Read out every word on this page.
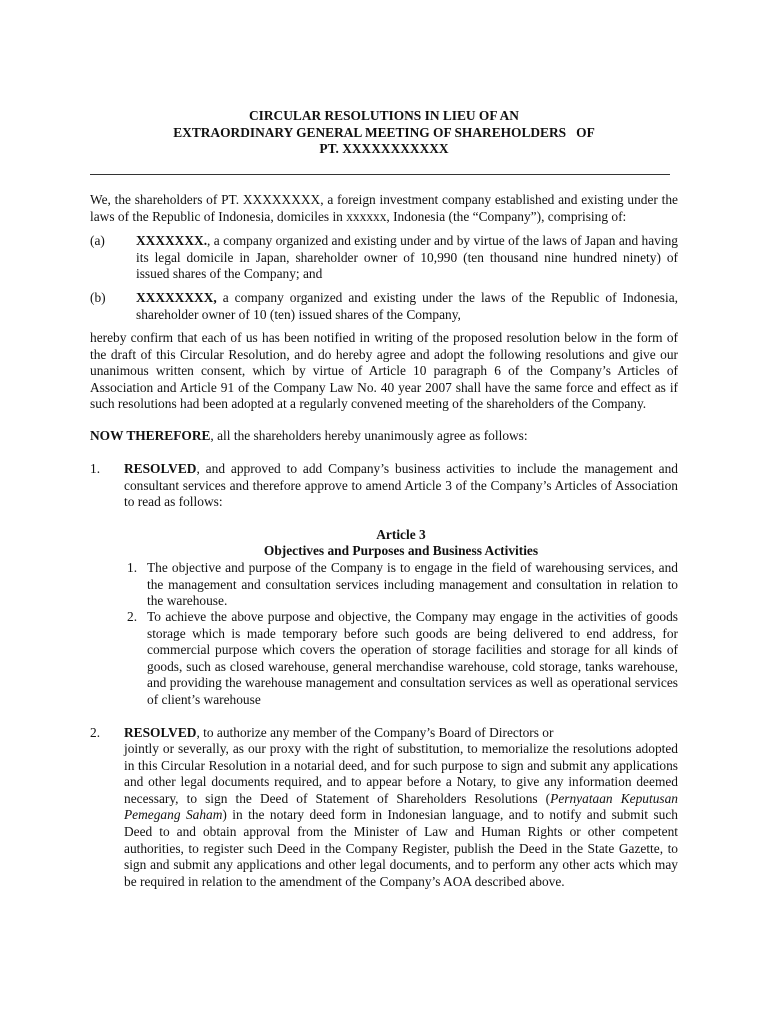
CIRCULAR RESOLUTIONS IN LIEU OF AN
EXTRAORDINARY GENERAL MEETING OF SHAREHOLDERS   OF
PT. XXXXXXXXXXX
We, the shareholders of PT. XXXXXXXX, a foreign investment company established and existing under the laws of the Republic of Indonesia, domiciles in xxxxxx, Indonesia (the “Company”), comprising of:
(a) XXXXXXX., a company organized and existing under and by virtue of the laws of Japan and having its legal domicile in Japan, shareholder owner of 10,990 (ten thousand nine hundred ninety) of issued shares of the Company; and
(b) XXXXXXXX, a company organized and existing under the laws of the Republic of Indonesia, shareholder owner of 10 (ten) issued shares of the Company,
hereby confirm that each of us has been notified in writing of the proposed resolution below in the form of the draft of this Circular Resolution, and do hereby agree and adopt the following resolutions and give our unanimous written consent, which by virtue of Article 10 paragraph 6 of the Company’s Articles of Association and Article 91 of the Company Law No. 40 year 2007 shall have the same force and effect as if such resolutions had been adopted at a regularly convened meeting of the shareholders of the Company.
NOW THEREFORE, all the shareholders hereby unanimously agree as follows:
1. RESOLVED, and approved to add Company’s business activities to include the management and consultant services and therefore approve to amend Article 3 of the Company’s Articles of Association to read as follows:
Article 3
Objectives and Purposes and Business Activities
1. The objective and purpose of the Company is to engage in the field of warehousing services, and the management and consultation services including management and consultation in relation to the warehouse.
2. To achieve the above purpose and objective, the Company may engage in the activities of goods storage which is made temporary before such goods are being delivered to end address, for commercial purpose which covers the operation of storage facilities and storage for all kinds of goods, such as closed warehouse, general merchandise warehouse, cold storage, tanks warehouse, and providing the warehouse management and consultation services as well as operational services of client’s warehouse
2. RESOLVED, to authorize any member of the Company’s Board of Directors or
jointly or severally, as our proxy with the right of substitution, to memorialize the resolutions adopted in this Circular Resolution in a notarial deed, and for such purpose to sign and submit any applications and other legal documents required, and to appear before a Notary, to give any information deemed necessary, to sign the Deed of Statement of Shareholders Resolutions (Pernyataan Keputusan Pemegang Saham) in the notary deed form in Indonesian language, and to notify and submit such Deed to and obtain approval from the Minister of Law and Human Rights or other competent authorities, to register such Deed in the Company Register, publish the Deed in the State Gazette, to sign and submit any applications and other legal documents, and to perform any other acts which may be required in relation to the amendment of the Company’s AOA described above.
